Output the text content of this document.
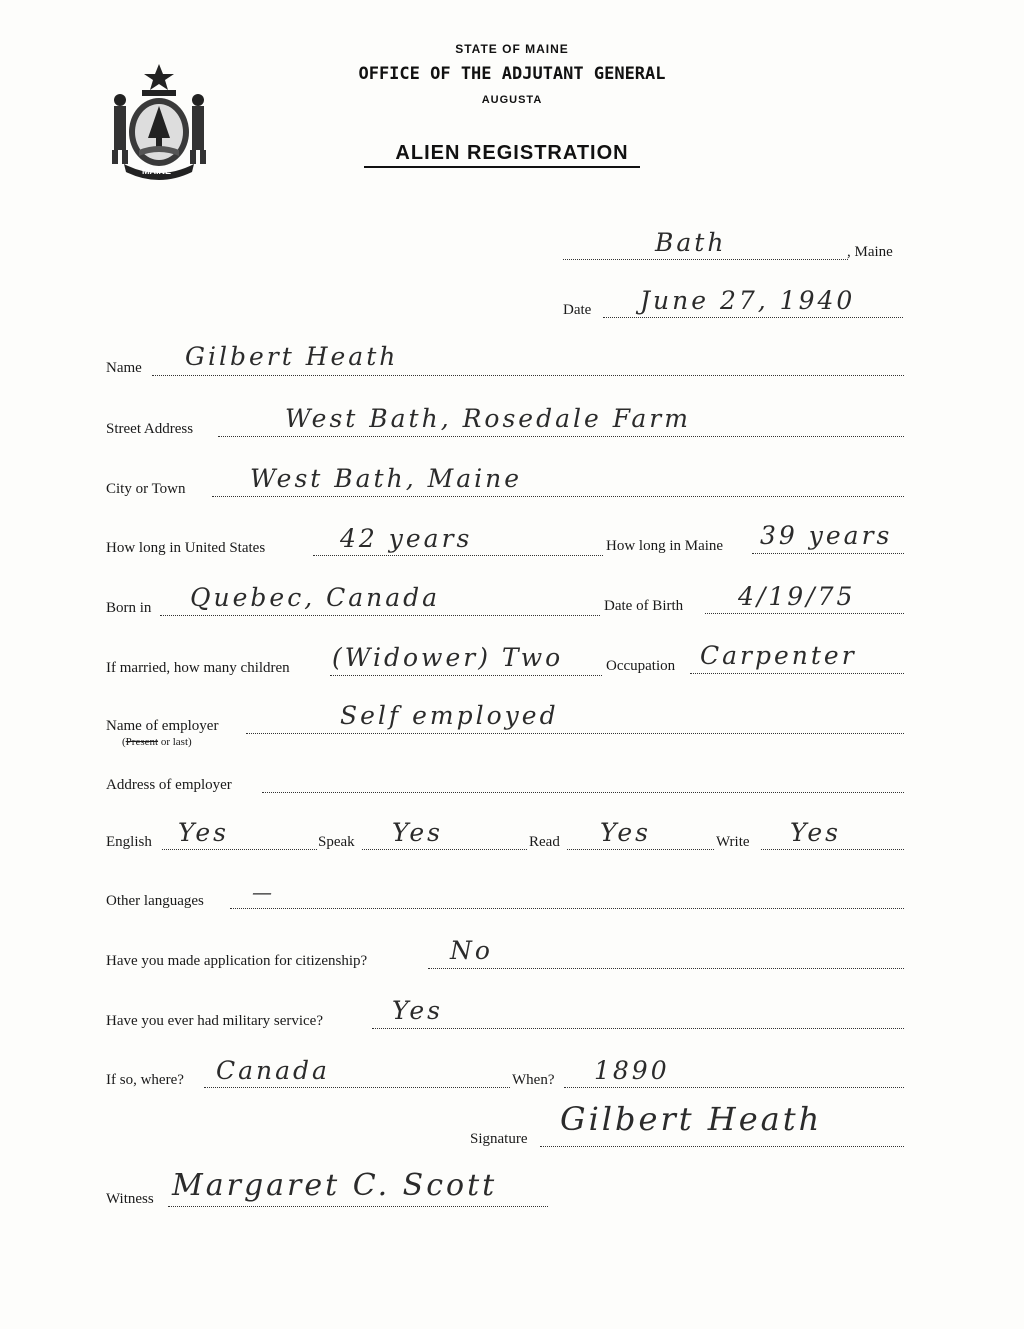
STATE OF MAINE
OFFICE OF THE ADJUTANT GENERAL
AUGUSTA
ALIEN REGISTRATION
MAINE
Bath	, Maine
Date June 27, 1940
Name Gilbert Heath
Street Address	West Bath, Rosedale Farm
City or Town	West Bath, Maine
How long in United States	42 years	How long in Maine 39 years
Born in Quebec, Canada	Date of Birth 4/19/75
If married, how many children (Widower) Two	Occupation Carpenter
Name of employer
(Present or last)
Self employed
Address of employer
English Yes	Speak Yes	Read Yes	Write Yes
Other languages —
Have you made application for citizenship?	No
Have you ever had military service?	Yes
If so, where? Canada	When? 1890
Signature
Gilbert Heath
Witness Margaret C. Scott
